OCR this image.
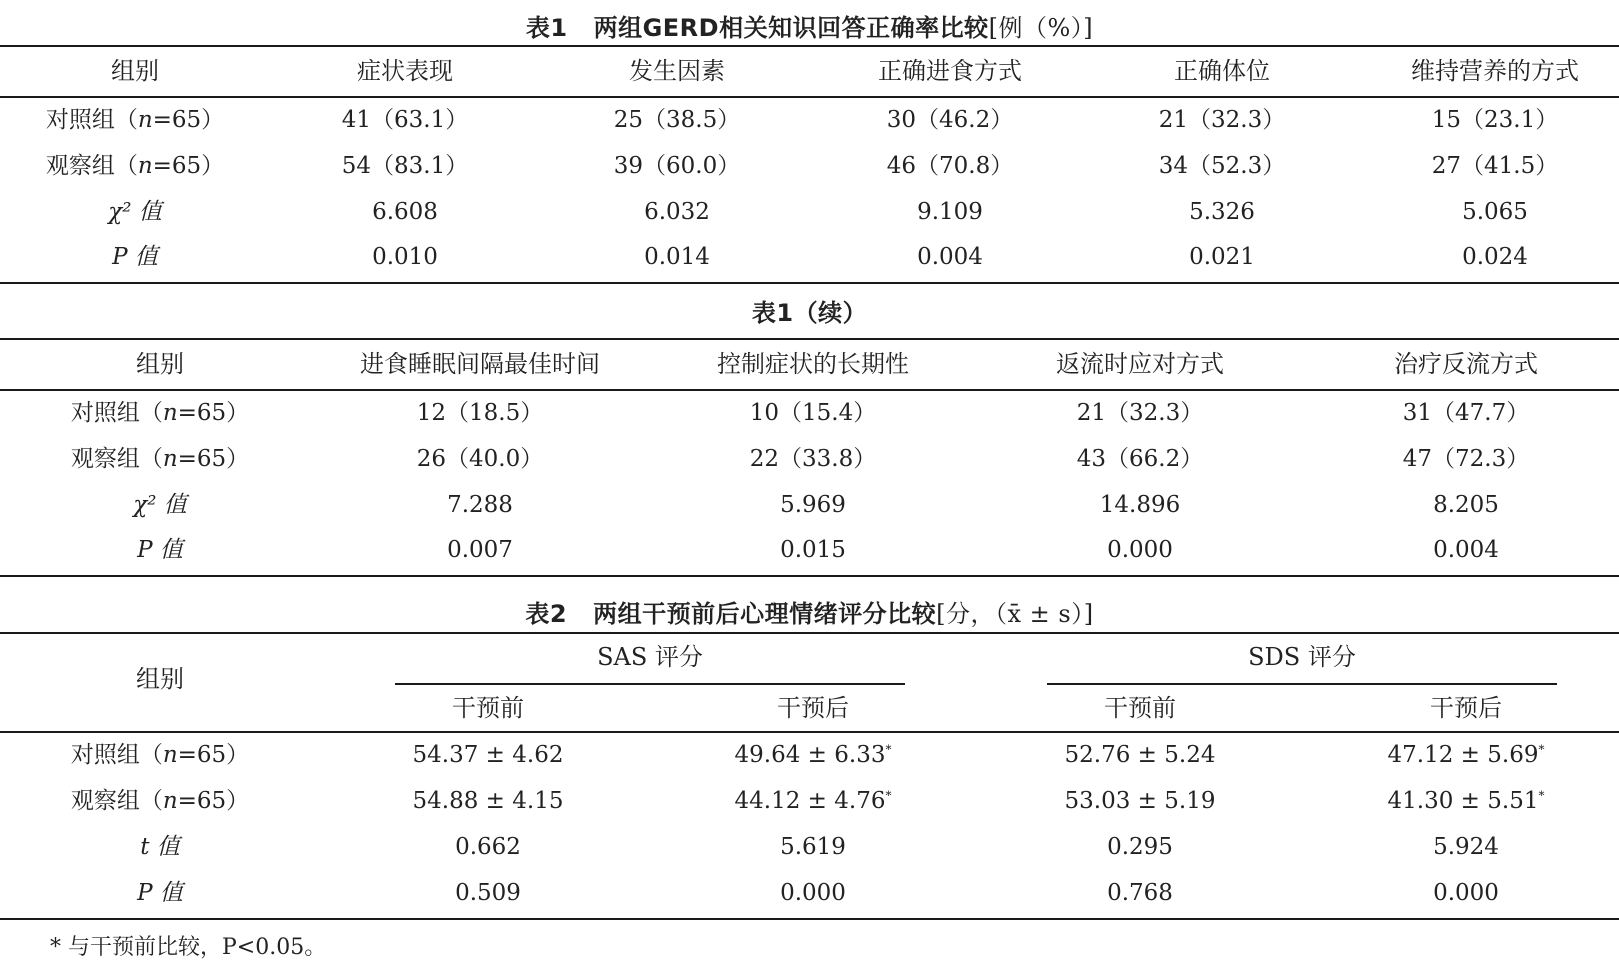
表1 两组GERD相关知识回答正确率比较[例（%）]
组别	症状表现	发生因素	正确进食方式	正确体位	维持营养的方式
对照组（n=65）	41（63.1）	25（38.5）	30（46.2）	21（32.3）	15（23.1）
观察组（n=65）	54（83.1）	39（60.0）	46（70.8）	34（52.3）	27（41.5）
χ² 值	6.608	6.032	9.109	5.326	5.065
P 值	0.010	0.014	0.004	0.021	0.024
表1（续）
组别	进食睡眠间隔最佳时间	控制症状的长期性	返流时应对方式	治疗反流方式
对照组（n=65）	12（18.5）	10（15.4）	21（32.3）	31（47.7）
观察组（n=65）	26（40.0）	22（33.8）	43（66.2）	47（72.3）
χ² 值	7.288	5.969	14.896	8.205
P 值	0.007	0.015	0.000	0.004
表2 两组干预前后心理情绪评分比较[分，（x̄ ± s）]
组别
SAS 评分	SDS 评分
干预前	干预后	干预前	干预后
对照组（n=65）	54.37 ± 4.62	49.64 ± 6.33*	52.76 ± 5.24	47.12 ± 5.69*
观察组（n=65）	54.88 ± 4.15	44.12 ± 4.76*	53.03 ± 5.19	41.30 ± 5.51*
t 值	0.662	5.619	0.295	5.924
P 值	0.509	0.000	0.768	0.000
* 与干预前比较，P<0.05。
